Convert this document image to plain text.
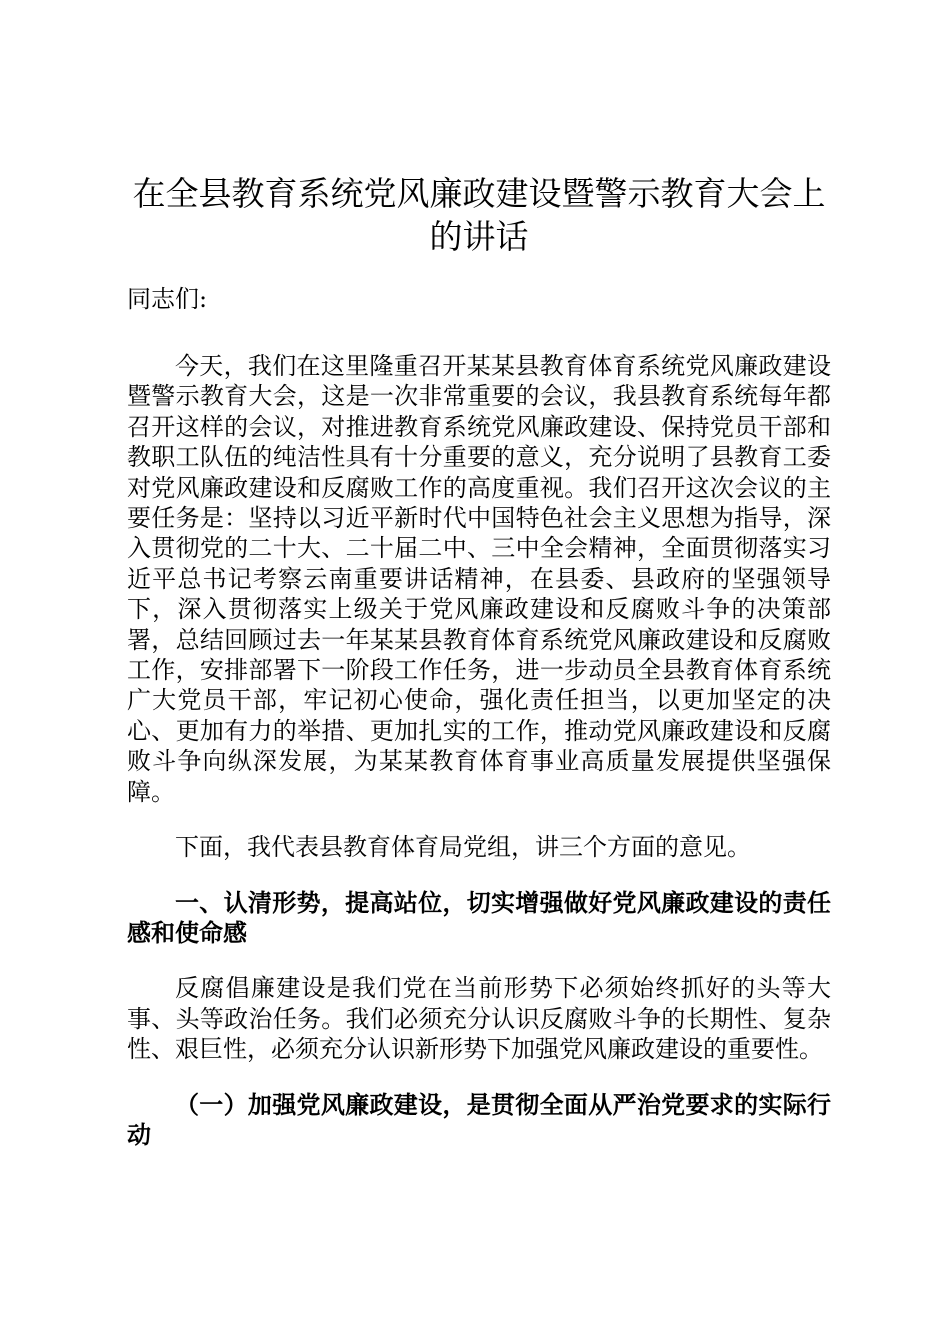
在全县教育系统党风廉政建设暨警示教育大会上的讲话

同志们:

今天，我们在这里隆重召开某某县教育体育系统党风廉政建设暨警示教育大会，这是一次非常重要的会议，我县教育系统每年都召开这样的会议，对推进教育系统党风廉政建设、保持党员干部和教职工队伍的纯洁性具有十分重要的意义，充分说明了县教育工委对党风廉政建设和反腐败工作的高度重视。我们召开这次会议的主要任务是：坚持以习近平新时代中国特色社会主义思想为指导，深入贯彻党的二十大、二十届二中、三中全会精神，全面贯彻落实习近平总书记考察云南重要讲话精神，在县委、县政府的坚强领导下，深入贯彻落实上级关于党风廉政建设和反腐败斗争的决策部署，总结回顾过去一年某某县教育体育系统党风廉政建设和反腐败工作，安排部署下一阶段工作任务，进一步动员全县教育体育系统广大党员干部，牢记初心使命，强化责任担当，以更加坚定的决心、更加有力的举措、更加扎实的工作，推动党风廉政建设和反腐败斗争向纵深发展，为某某教育体育事业高质量发展提供坚强保障。

下面，我代表县教育体育局党组，讲三个方面的意见。

一、认清形势，提高站位，切实增强做好党风廉政建设的责任感和使命感

反腐倡廉建设是我们党在当前形势下必须始终抓好的头等大事、头等政治任务。我们必须充分认识反腐败斗争的长期性、复杂性、艰巨性，必须充分认识新形势下加强党风廉政建设的重要性。

（一）加强党风廉政建设，是贯彻全面从严治党要求的实际行动
